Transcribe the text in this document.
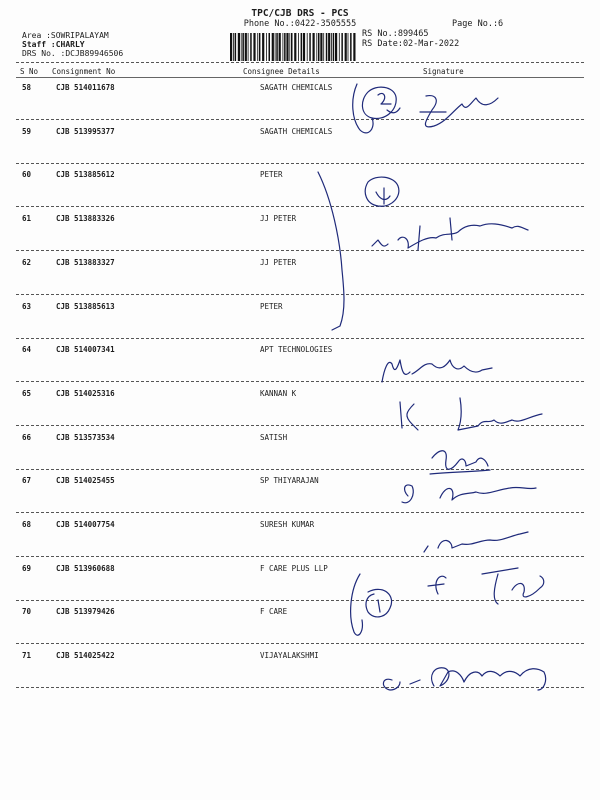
TPC/CJB DRS - PCS
Phone No.:0422-3505555	Page No.:6
Area :SOWRIPALAYAM
Staff :CHARLY
DRS No. :DCJB89946506
RS No.:899465
RS Date:02-Mar-2022
S No Consignment No	Consignee Details	Signature
58	CJB 514011678	SAGATH CHEMICALS
59	CJB 513995377	SAGATH CHEMICALS
60	CJB 513885612	PETER
61	CJB 513883326	JJ PETER
62	CJB 513883327	JJ PETER
63	CJB 513885613	PETER
64	CJB 514007341	APT TECHNOLOGIES
65	CJB 514025316	KANNAN K
66	CJB 513573534	SATISH
67	CJB 514025455	SP THIYARAJAN
68	CJB 514007754	SURESH KUMAR
69	CJB 513960688	F CARE PLUS LLP
70	CJB 513979426	F CARE
71	CJB 514025422	VIJAYALAKSHMI
